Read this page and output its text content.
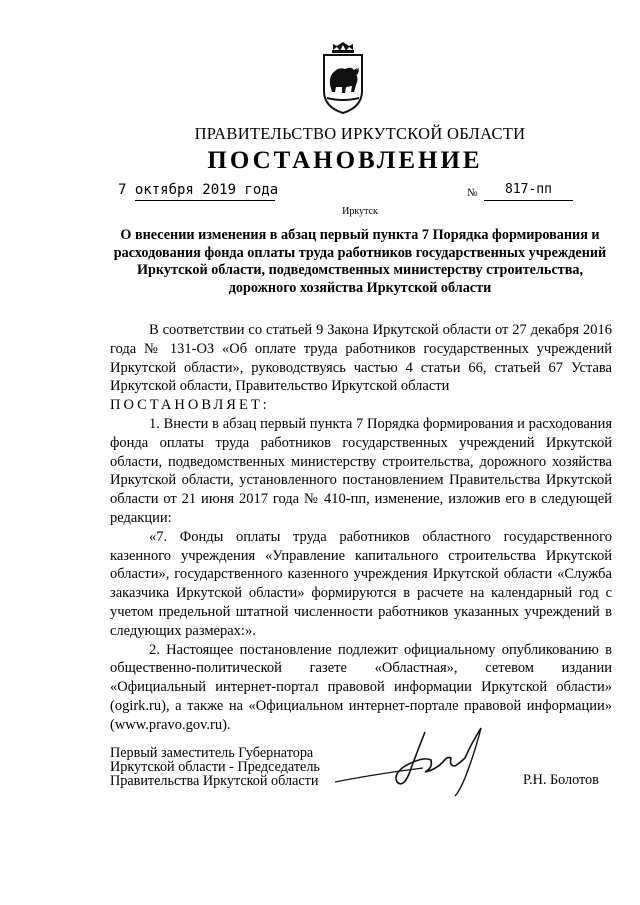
ПРАВИТЕЛЬСТВО ИРКУТСКОЙ ОБЛАСТИ
ПОСТАНОВЛЕНИЕ
7 октября 2019 года	№ 817-пп
Иркутск
О внесении изменения в абзац первый пункта 7 Порядка формирования и расходования фонда оплаты труда работников государственных учреждений Иркутской области, подведомственных министерству строительства, дорожного хозяйства Иркутской области

В соответствии со статьей 9 Закона Иркутской области от 27 декабря 2016 года № 131-ОЗ «Об оплате труда работников государственных учреждений Иркутской области», руководствуясь частью 4 статьи 66, статьей 67 Устава Иркутской области, Правительство Иркутской области

ПОСТАНОВЛЯЕТ:

1. Внести в абзац первый пункта 7 Порядка формирования и расходования фонда оплаты труда работников государственных учреждений Иркутской области, подведомственных министерству строительства, дорожного хозяйства Иркутской области, установленного постановлением Правительства Иркутской области от 21 июня 2017 года № 410-пп, изменение, изложив его в следующей редакции:

«7. Фонды оплаты труда работников областного государственного казенного учреждения «Управление капитального строительства Иркутской области», государственного казенного учреждения Иркутской области «Служба заказчика Иркутской области» формируются в расчете на календарный год с учетом предельной штатной численности работников указанных учреждений в следующих размерах:».

2. Настоящее постановление подлежит официальному опубликованию в общественно-политической газете «Областная», сетевом издании «Официальный интернет-портал правовой информации Иркутской области» (ogirk.ru), а также на «Официальном интернет-портале правовой информации» (www.pravo.gov.ru).

Первый заместитель Губернатора
Иркутской области - Председатель
Правительства Иркутской области	Р.Н. Болотов
